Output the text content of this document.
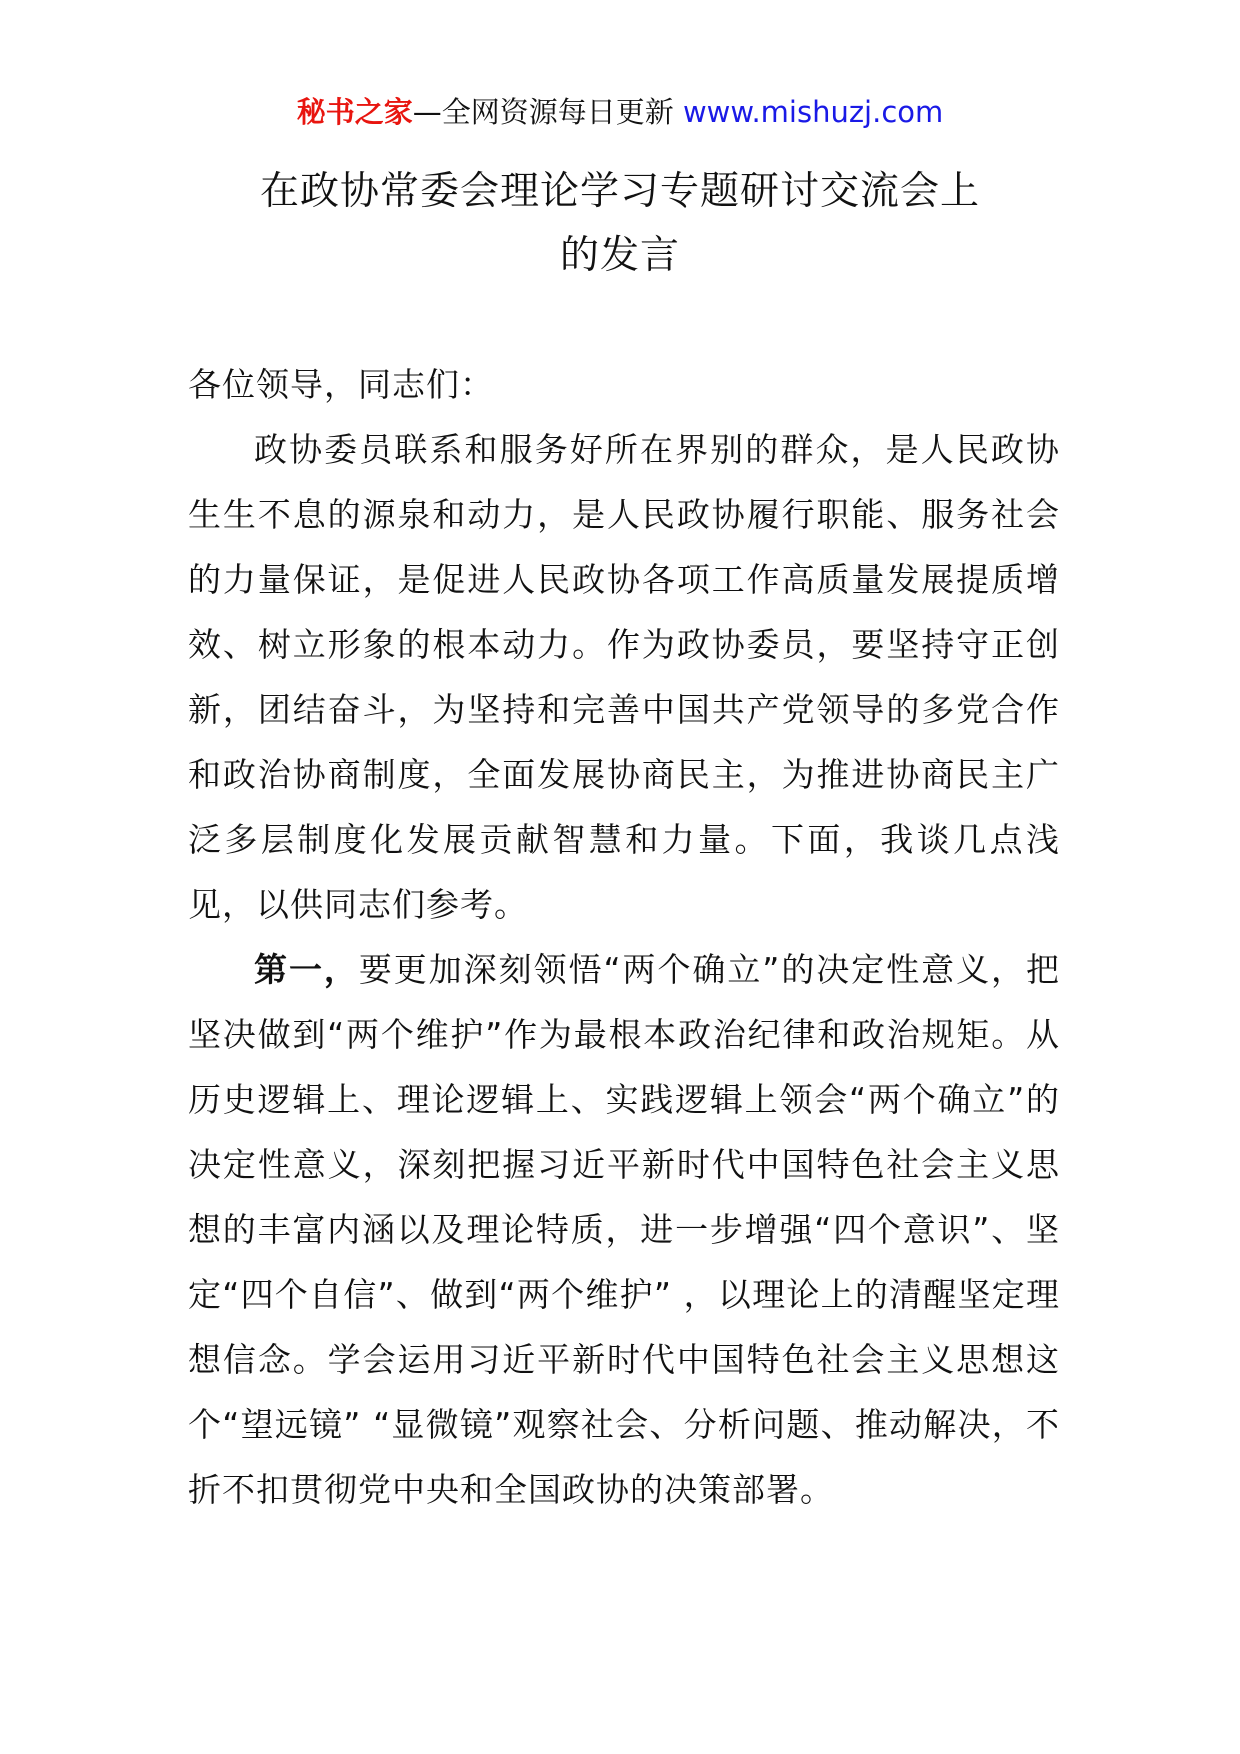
秘书之家—全网资源每日更新 www.mishuzj.com
在政协常委会理论学习专题研讨交流会上
的发言

各位领导，同志们：

政协委员联系和服务好所在界别的群众，是人民政协生生不息的源泉和动力，是人民政协履行职能、服务社会的力量保证，是促进人民政协各项工作高质量发展提质增效、树立形象的根本动力。作为政协委员，要坚持守正创新，团结奋斗，为坚持和完善中国共产党领导的多党合作和政治协商制度，全面发展协商民主，为推进协商民主广泛多层制度化发展贡献智慧和力量。下面，我谈几点浅见，以供同志们参考。

第一，要更加深刻领悟“两个确立”的决定性意义，把坚决做到“两个维护”作为最根本政治纪律和政治规矩。从历史逻辑上、理论逻辑上、实践逻辑上领会“两个确立”的决定性意义，深刻把握习近平新时代中国特色社会主义思想的丰富内涵以及理论特质，进一步增强“四个意识”、坚定“四个自信”、做到“两个维护” ，以理论上的清醒坚定理想信念。学会运用习近平新时代中国特色社会主义思想这个“望远镜” “显微镜”观察社会、分析问题、推动解决，不折不扣贯彻党中央和全国政协的决策部署。
